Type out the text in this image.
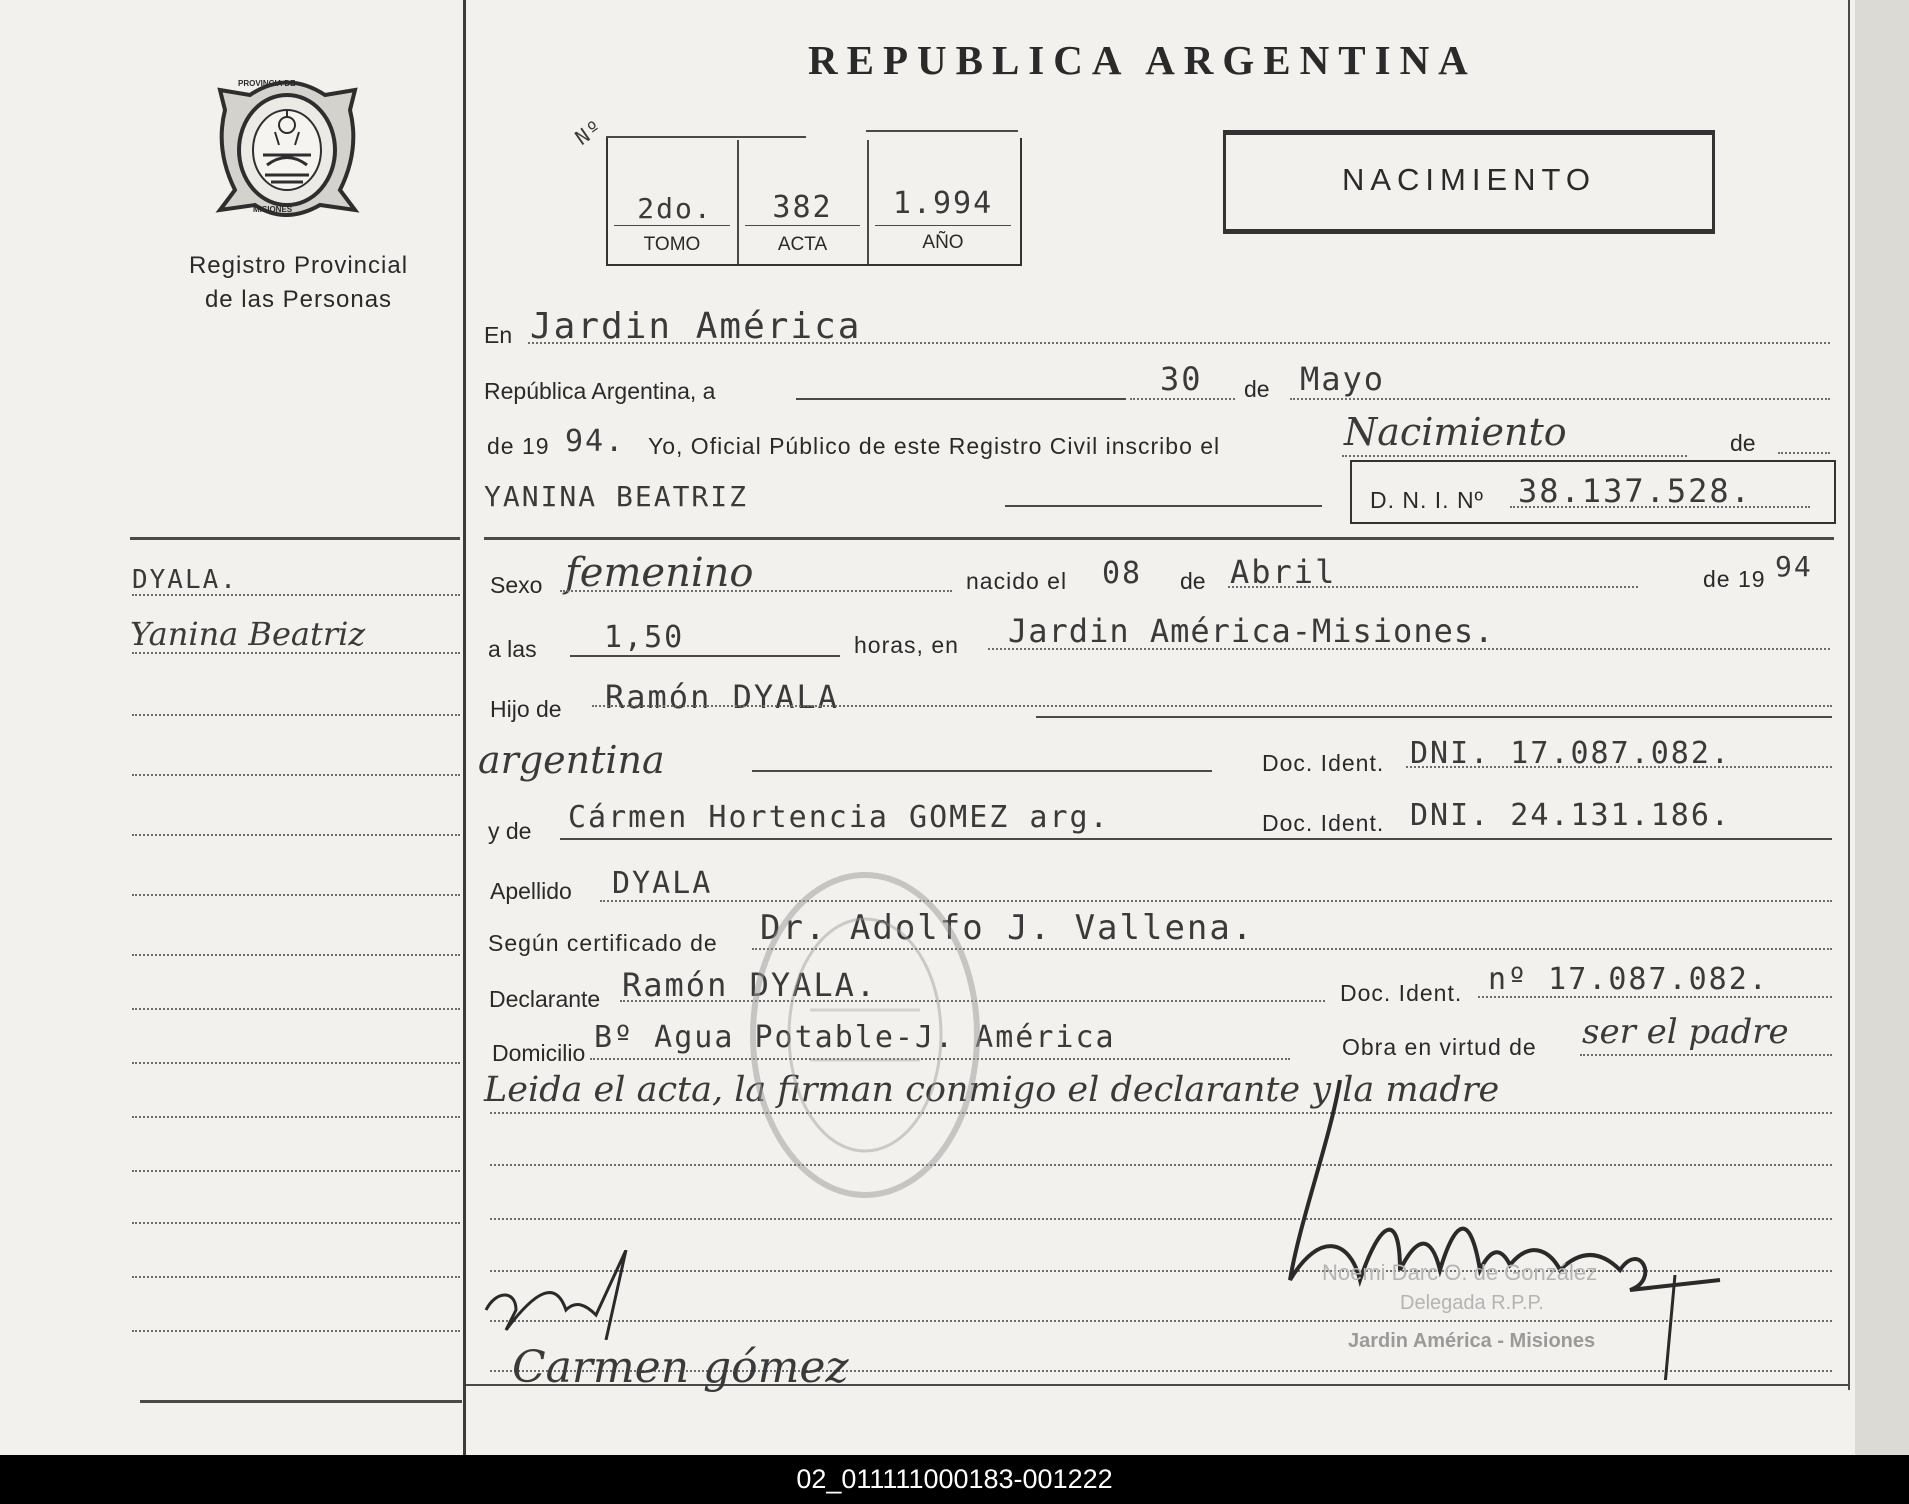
PROVINCIA DE
MISIONES
Registro Provincial
de las Personas
DYALA.
Yanina Beatriz
REPUBLICA ARGENTINA
Nº
2do.	382	1.994
TOMO	ACTA	AÑO
NACIMIENTO
En Jardin América
República Argentina, a	30 de Mayo
de 19 94. Yo, Oficial Público de este Registro Civil inscribo el	Nacimiento	de
YANINA BEATRIZ	D. N. I. Nº 38.137.528.
Sexo femenino	nacido el 08 de Abril	de 19 94
a las 1,50	horas, en Jardin América-Misiones.
Hijo de Ramón DYALA
argentina	Doc. Ident. DNI. 17.087.082.
y de Cármen Hortencia GOMEZ arg.	Doc. Ident. DNI. 24.131.186.
Apellido DYALA
Según certificado de Dr. Adolfo J. Vallena.
Declarante Ramón DYALA.	Doc. Ident. nº 17.087.082.
Domicilio Bº Agua Potable-J. América	Obra en virtud de ser el padre
Leida el acta, la firman conmigo el declarante y la madre
Noemi Darc O. de González
Delegada R.P.P.
Jardin América - Misiones
Carmen gómez
02_011111000183-001222
